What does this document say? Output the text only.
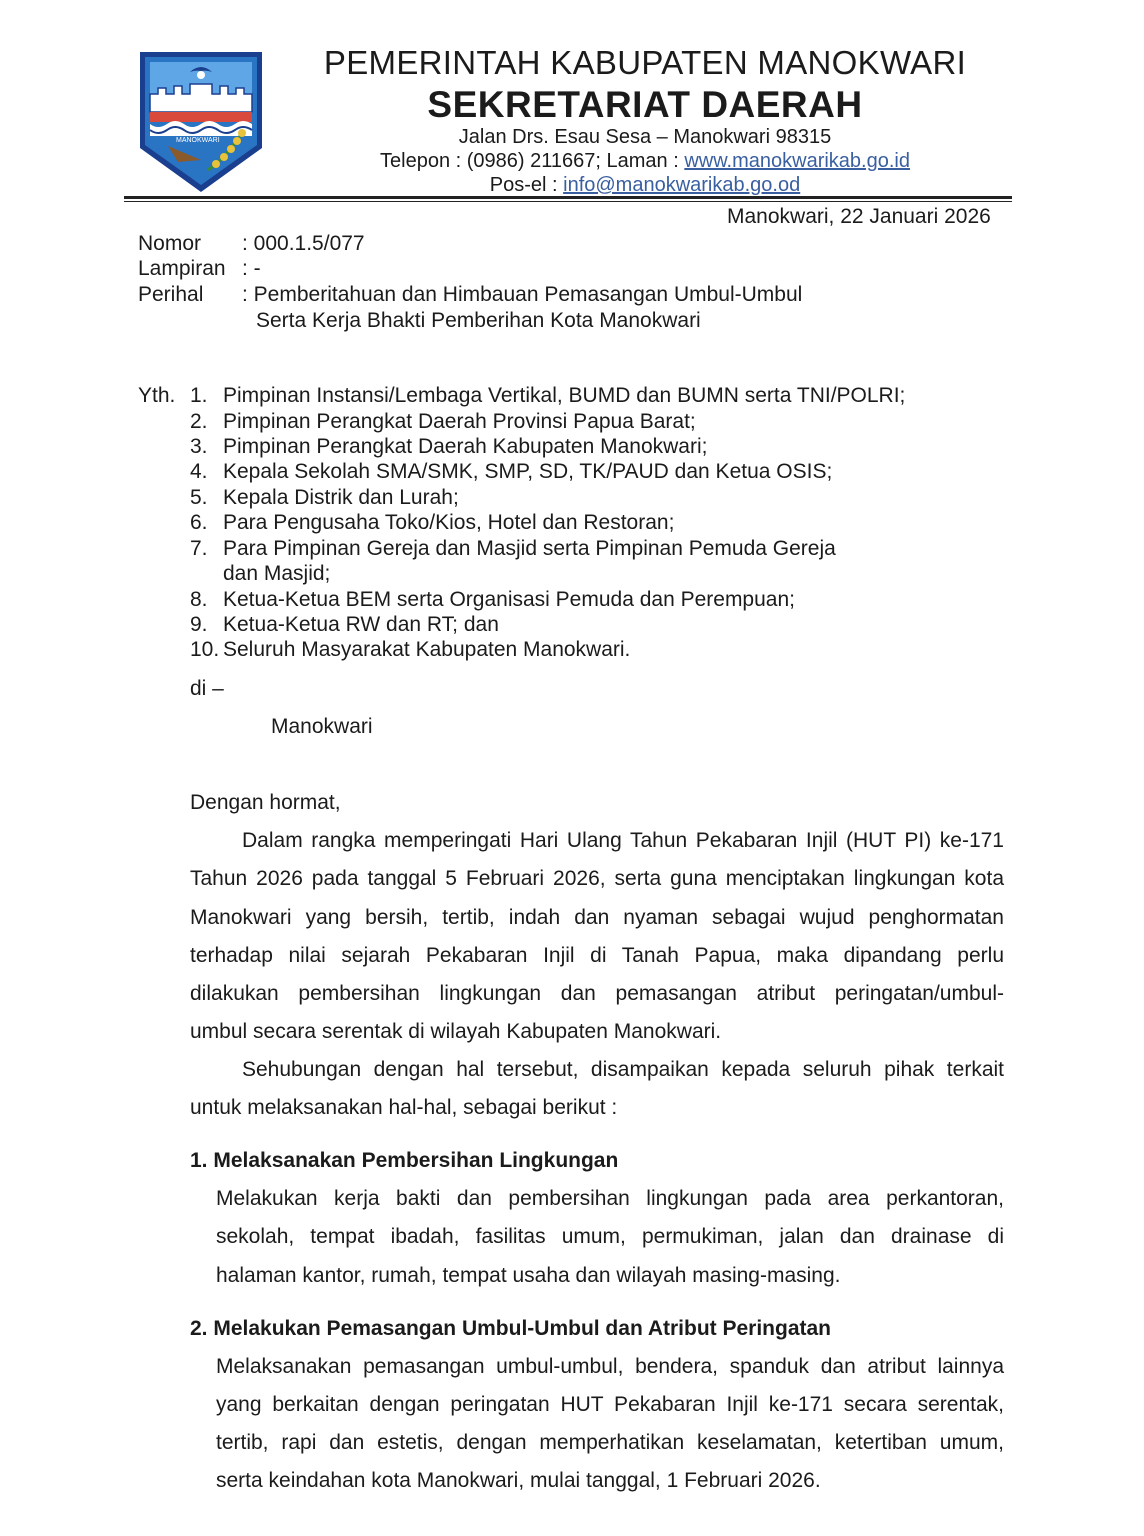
MANOKWARI
PEMERINTAH KABUPATEN MANOKWARI
SEKRETARIAT DAERAH
Jalan Drs. Esau Sesa – Manokwari 98315
Telepon : (0986) 211667; Laman : www.manokwarikab.go.id
Pos-el : info@manokwarikab.go.od
Manokwari, 22 Januari 2026
Nomor : 000.1.5/077
Lampiran : -
Perihal : Pemberitahuan dan Himbauan Pemasangan Umbul-Umbul
Serta Kerja Bhakti Pemberihan Kota Manokwari
Yth. 1. Pimpinan Instansi/Lembaga Vertikal, BUMD dan BUMN serta TNI/POLRI;
2. Pimpinan Perangkat Daerah Provinsi Papua Barat;
3. Pimpinan Perangkat Daerah Kabupaten Manokwari;
4. Kepala Sekolah SMA/SMK, SMP, SD, TK/PAUD dan Ketua OSIS;
5. Kepala Distrik dan Lurah;
6. Para Pengusaha Toko/Kios, Hotel dan Restoran;
7. Para Pimpinan Gereja dan Masjid serta Pimpinan Pemuda Gereja
dan Masjid;
8. Ketua-Ketua BEM serta Organisasi Pemuda dan Perempuan;
9. Ketua-Ketua RW dan RT; dan
10. Seluruh Masyarakat Kabupaten Manokwari.
di –
Manokwari
Dengan hormat,
Dalam rangka memperingati Hari Ulang Tahun Pekabaran Injil (HUT PI) ke-171
Tahun 2026 pada tanggal 5 Februari 2026, serta guna menciptakan lingkungan kota
Manokwari yang bersih, tertib, indah dan nyaman sebagai wujud penghormatan
terhadap nilai sejarah Pekabaran Injil di Tanah Papua, maka dipandang perlu
dilakukan pembersihan lingkungan dan pemasangan atribut peringatan/umbul-
umbul secara serentak di wilayah Kabupaten Manokwari.
Sehubungan dengan hal tersebut, disampaikan kepada seluruh pihak terkait
untuk melaksanakan hal-hal, sebagai berikut :
1. Melaksanakan Pembersihan Lingkungan
Melakukan kerja bakti dan pembersihan lingkungan pada area perkantoran,
sekolah, tempat ibadah, fasilitas umum, permukiman, jalan dan drainase di
halaman kantor, rumah, tempat usaha dan wilayah masing-masing.
2. Melakukan Pemasangan Umbul-Umbul dan Atribut Peringatan
Melaksanakan pemasangan umbul-umbul, bendera, spanduk dan atribut lainnya
yang berkaitan dengan peringatan HUT Pekabaran Injil ke-171 secara serentak,
tertib, rapi dan estetis, dengan memperhatikan keselamatan, ketertiban umum,
serta keindahan kota Manokwari, mulai tanggal, 1 Februari 2026.
